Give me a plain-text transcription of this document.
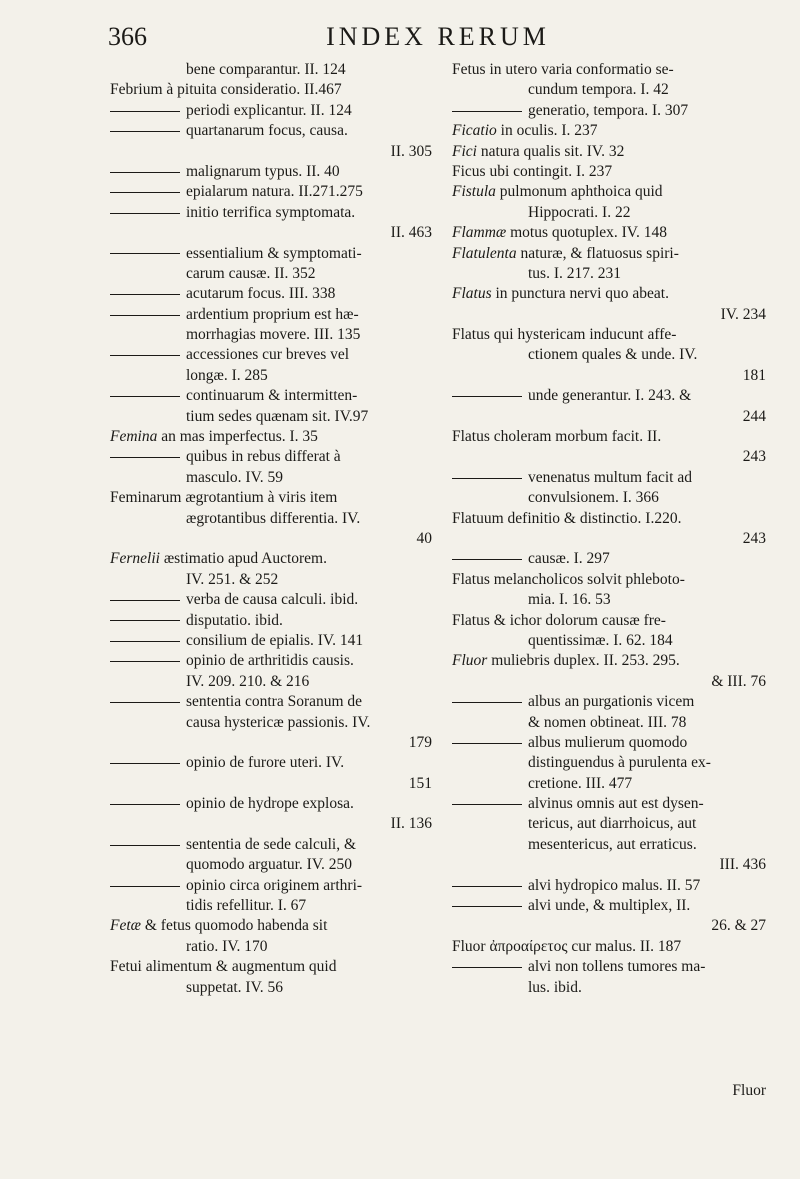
366	INDEX RERUM
bene comparantur. II. 124
Febrium à pituita consideratio. II.467
periodi explicantur. II. 124
quartanarum focus, causa.
II. 305
malignarum typus. II. 40
epialarum natura. II.271.275
initio terrifica symptomata.
II. 463
essentialium & symptomati-
carum causæ. II. 352
acutarum focus. III. 338
ardentium proprium est hæ-
morrhagias movere. III. 135
accessiones cur breves vel
longæ. I. 285
continuarum & intermitten-
tium sedes quænam sit. IV.97
Femina an mas imperfectus. I. 35
quibus in rebus differat à
masculo. IV. 59
Feminarum ægrotantium à viris item
ægrotantibus differentia. IV.
40
Fernelii æstimatio apud Auctorem.
IV. 251. & 252
verba de causa calculi. ibid.
disputatio. ibid.
consilium de epialis. IV. 141
opinio de arthritidis causis.
IV. 209. 210. & 216
sententia contra Soranum de
causa hystericæ passionis. IV.
179
opinio de furore uteri. IV.
151
opinio de hydrope explosa.
II. 136
sententia de sede calculi, &
quomodo arguatur. IV. 250
opinio circa originem arthri-
tidis refellitur. I. 67
Fetæ & fetus quomodo habenda sit
ratio. IV. 170
Fetui alimentum & augmentum quid
suppetat. IV. 56
Fetus in utero varia conformatio se-
cundum tempora. I. 42
generatio, tempora. I. 307
Ficatio in oculis. I. 237
Fici natura qualis sit. IV. 32
Ficus ubi contingit. I. 237
Fistula pulmonum aphthoica quid
Hippocrati. I. 22
Flammæ motus quotuplex. IV. 148
Flatulenta naturæ, & flatuosus spiri-
tus. I. 217. 231
Flatus in punctura nervi quo abeat.
IV. 234
Flatus qui hystericam inducunt affe-
ctionem quales & unde. IV.
181
unde generantur. I. 243. &
244
Flatus choleram morbum facit. II.
243
venenatus multum facit ad
convulsionem. I. 366
Flatuum definitio & distinctio. I.220.
243
causæ. I. 297
Flatus melancholicos solvit phleboto-
mia. I. 16. 53
Flatus & ichor dolorum causæ fre-
quentissimæ. I. 62. 184
Fluor muliebris duplex. II. 253. 295.
& III. 76
albus an purgationis vicem
& nomen obtineat. III. 78
albus mulierum quomodo
distinguendus à purulenta ex-
cretione. III. 477
alvinus omnis aut est dysen-
tericus, aut diarrhoicus, aut
mesentericus, aut erraticus.
III. 436
alvi hydropico malus. II. 57
alvi unde, & multiplex, II.
26. & 27
Fluor ἀπροαίρετος cur malus. II. 187
alvi non tollens tumores ma-
lus. ibid.
Fluor
